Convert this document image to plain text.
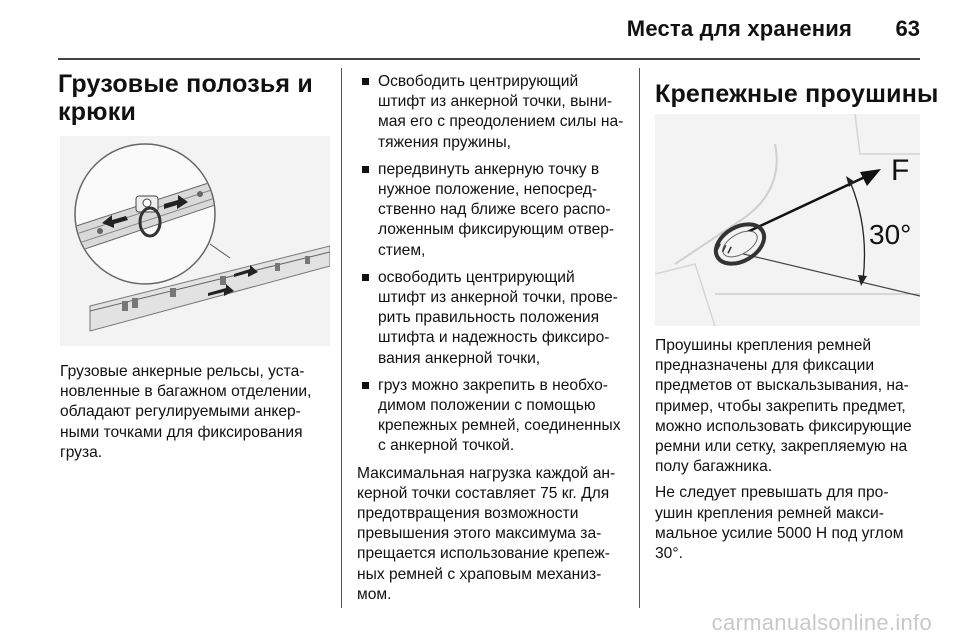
Места для хранения 63
Грузовые полозья и
крюки

Грузовые анкерные рельсы, уста-
новленные в багажном отделении,
обладают регулируемыми анкер-
ными точками для фиксирования
груза.

Освободить центрирующий
штифт из анкерной точки, выни-
мая его с преодолением силы на-
тяжения пружины,
передвинуть анкерную точку в
нужное положение, непосред-
ственно над ближе всего распо-
ложенным фиксирующим отвер-
стием,
освободить центрирующий
штифт из анкерной точки, прове-
рить правильность положения
штифта и надежность фиксиро-
вания анкерной точки,
груз можно закрепить в необхо-
димом положении с помощью
крепежных ремней, соединенных
с анкерной точкой.

Максимальная нагрузка каждой ан-
керной точки составляет 75 кг. Для
предотвращения возможности
превышения этого максимума за-
прещается использование крепеж-
ных ремней с храповым механиз-
мом.

Крепежные проушины
F
30°

Проушины крепления ремней
предназначены для фиксации
предметов от выскальзывания, на-
пример, чтобы закрепить предмет,
можно использовать фиксирующие
ремни или сетку, закрепляемую на
полу багажника.

Не следует превышать для про-
ушин крепления ремней макси-
мальное усилие 5000 Н под углом
30°.

carmanualsonline.info
